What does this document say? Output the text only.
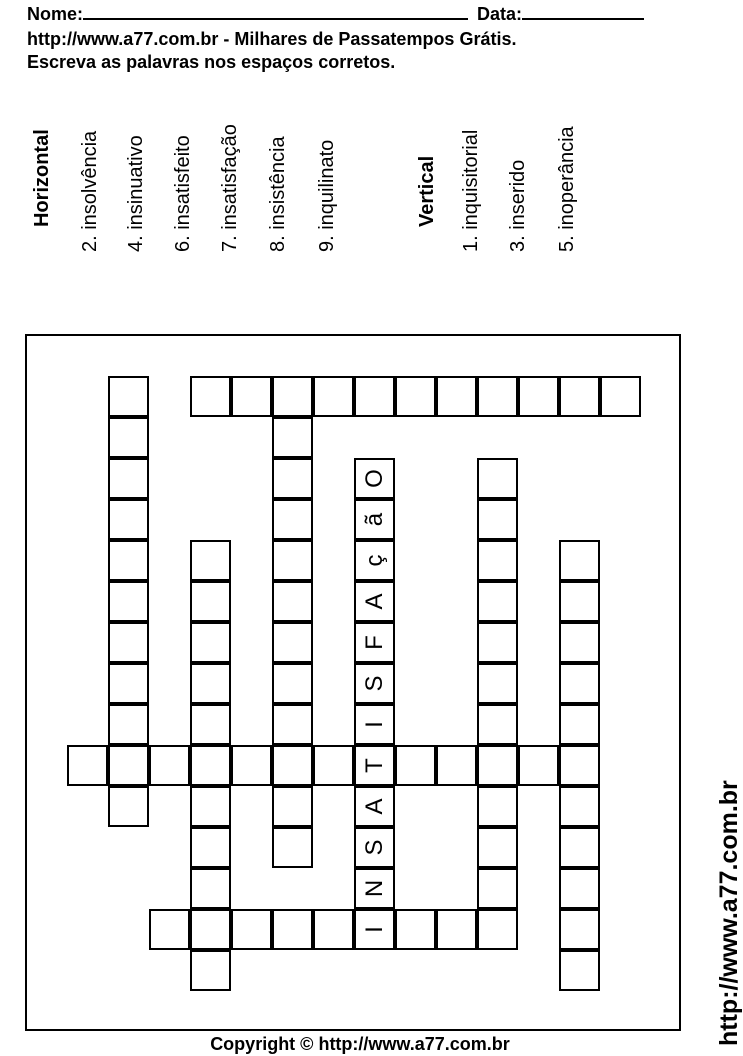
Nome:	Data:
http://www.a77.com.br - Milhares de Passatempos Grátis.
Escreva as palavras nos espaços corretos.
Horizontal 2. insolvência 4. insinuativo 6. insatisfeito 7. insatisfação 8. insistência 9. inquilinato	Vertical 1. inquisitorial 3. inserido 5. inoperância
I
N
S
A
T
I
S
F
A
ç
ã
O
http://www.a77.com.br
Copyright © http://www.a77.com.br
